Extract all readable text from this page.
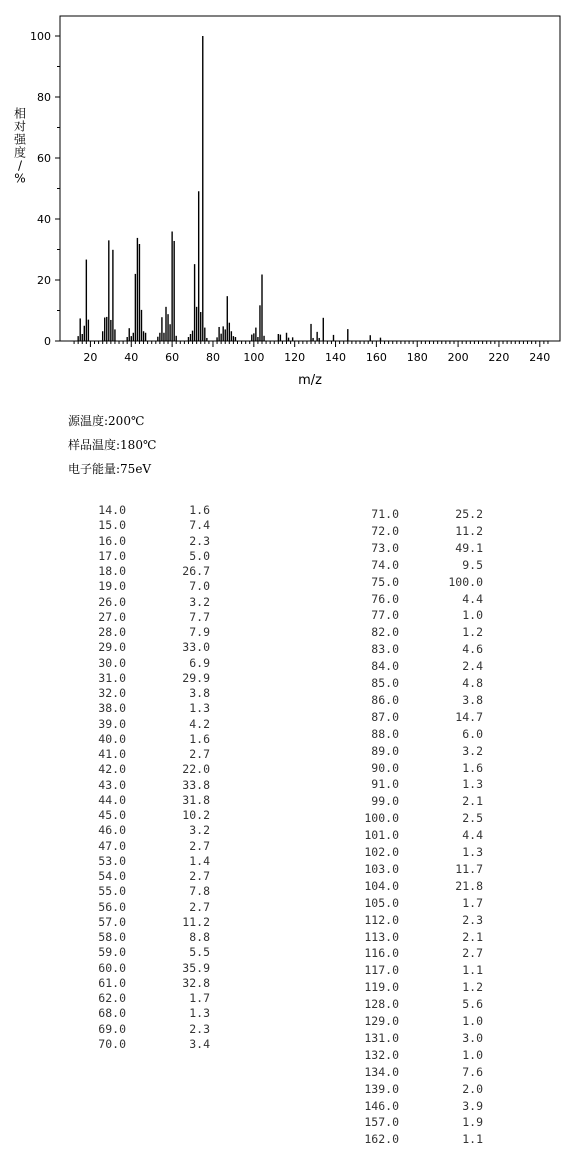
0
20
40
60
80
100
20 40 60 80 100 120 140 160 180 200 220 240
m/z
相对强度/ %
源温度:200℃
样品温度:180℃
电子能量:75eV
14.0	1.6
15.0	7.4
16.0	2.3
17.0	5.0
18.0	26.7
19.0	7.0
26.0	3.2
27.0	7.7
28.0	7.9
29.0	33.0
30.0	6.9
31.0	29.9
32.0	3.8
38.0	1.3
39.0	4.2
40.0	1.6
41.0	2.7
42.0	22.0
43.0	33.8
44.0	31.8
45.0	10.2
46.0	3.2
47.0	2.7
53.0	1.4
54.0	2.7
55.0	7.8
56.0	2.7
57.0	11.2
58.0	8.8
59.0	5.5
60.0	35.9
61.0	32.8
62.0	1.7
68.0	1.3
69.0	2.3
70.0	3.4
71.0	25.2
72.0	11.2
73.0	49.1
74.0	9.5
75.0	100.0
76.0	4.4
77.0	1.0
82.0	1.2
83.0	4.6
84.0	2.4
85.0	4.8
86.0	3.8
87.0	14.7
88.0	6.0
89.0	3.2
90.0	1.6
91.0	1.3
99.0	2.1
100.0	2.5
101.0	4.4
102.0	1.3
103.0	11.7
104.0	21.8
105.0	1.7
112.0	2.3
113.0	2.1
116.0	2.7
117.0	1.1
119.0	1.2
128.0	5.6
129.0	1.0
131.0	3.0
132.0	1.0
134.0	7.6
139.0	2.0
146.0	3.9
157.0	1.9
162.0	1.1
